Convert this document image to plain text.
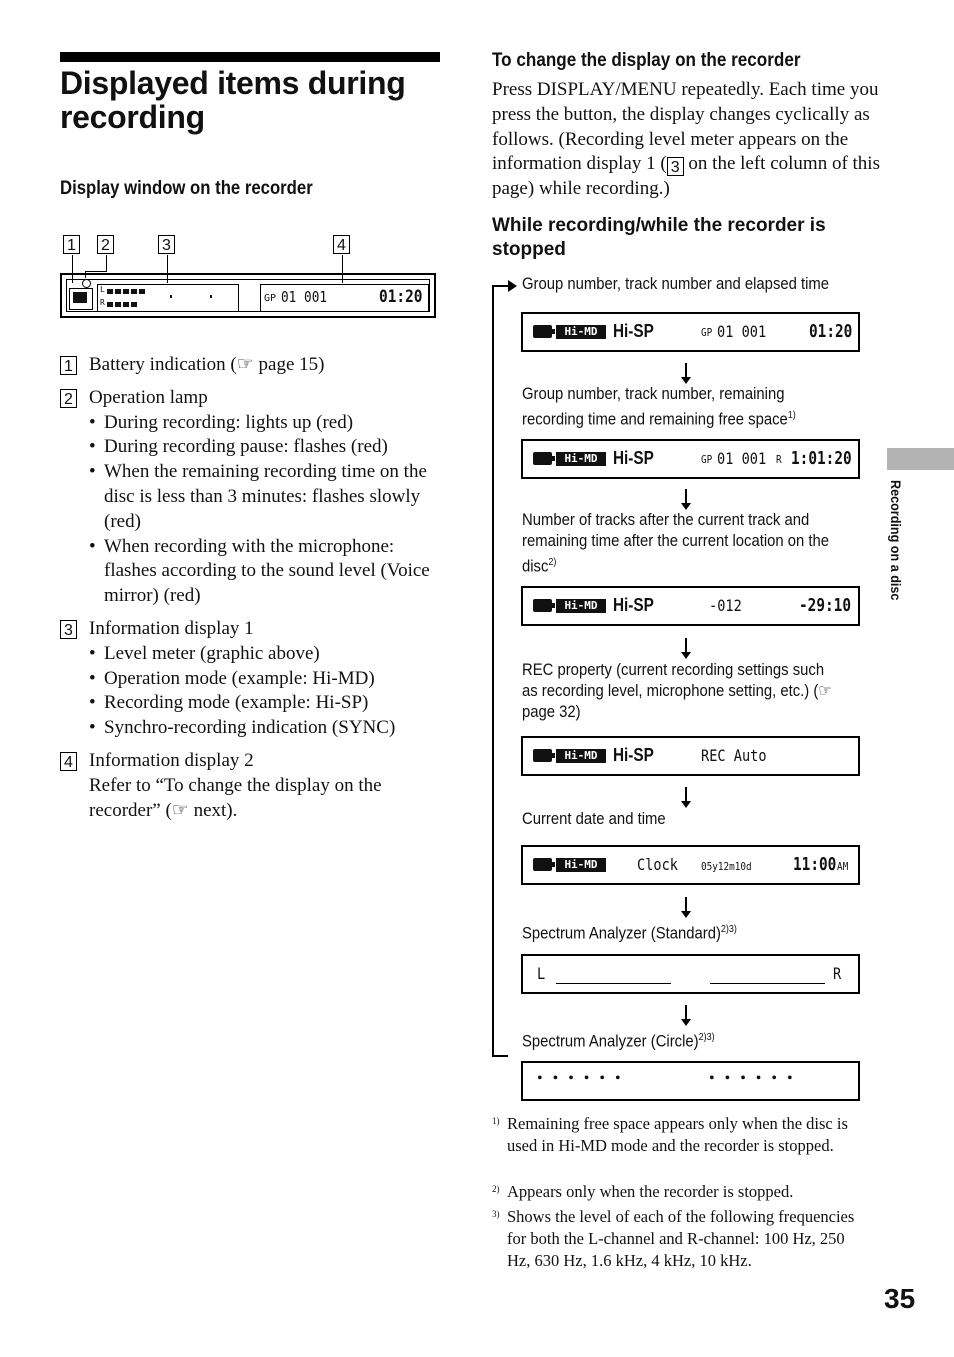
Displayed items during recording
Display window on the recorder
1 2	3	4
L
R	GP 01 001	01:20
1 Battery indication (☞ page 15)
2 Operation lamp
• During recording: lights up (red)
• During recording pause: flashes (red)
• When the remaining recording time on the disc is less than 3 minutes: flashes slowly (red)
• When recording with the microphone: flashes according to the sound level (Voice mirror) (red)
3 Information display 1
• Level meter (graphic above)
• Operation mode (example: Hi-MD)
• Recording mode (example: Hi-SP)
• Synchro-recording indication (SYNC)
4 Information display 2
Refer to “To change the display on the recorder” (☞ next).
To change the display on the recorder
Press DISPLAY/MENU repeatedly. Each time you press the button, the display changes cyclically as follows. (Recording level meter appears on the information display 1 ( 3 on the left column of this page) while recording.)
While recording/while the recorder is stopped
Group number, track number and elapsed time
Hi-MD Hi-SP	GP 01 001 01:20
Group number, track number, remaining recording time and remaining free space$^{1)}$
Hi-MD Hi-SP	GP 01 001 R 1:01:20
Number of tracks after the current track and remaining time after the current location on the disc$^{2)}$
Hi-MD Hi-SP	-012	-29:10
REC property (current recording settings such as recording level, microphone setting, etc.) (☞ page 32)
Hi-MD Hi-SP	REC Auto
Current date and time
Hi-MD	Clock 05y12m10d 11:00 AM
Spectrum Analyzer (Standard)$^{2)3)}$
L	R
Spectrum Analyzer (Circle)$^{2)3)}$
• • • • • •	• • • • • •
1) Remaining free space appears only when the disc is used in Hi-MD mode and the recorder is stopped.
2) Appears only when the recorder is stopped.
3) Shows the level of each of the following frequencies for both the L-channel and R-channel: 100 Hz, 250 Hz, 630 Hz, 1.6 kHz, 4 kHz, 10 kHz.
Recording on a disc
35
